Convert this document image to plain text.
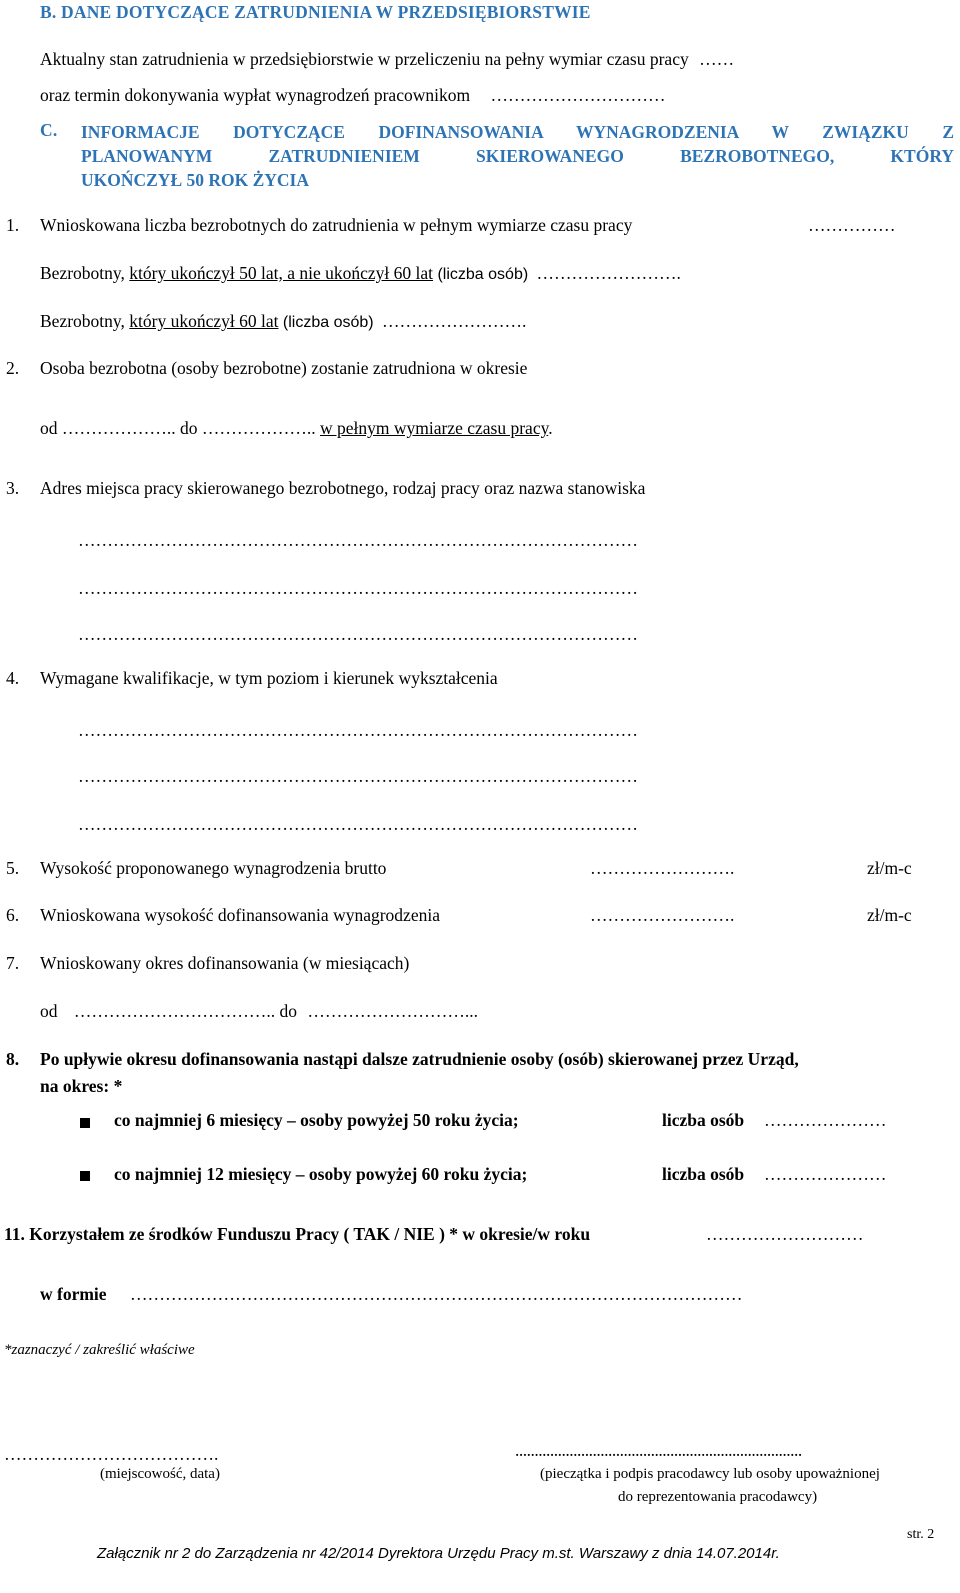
B. DANE DOTYCZĄCE ZATRUDNIENIA W PRZEDSIĘBIORSTWIE
Aktualny stan zatrudnienia w przedsiębiorstwie w przeliczeniu na pełny wymiar czasu pracy ……
oraz termin dokonywania wypłat wynagrodzeń pracownikom …………………………
C. INFORMACJE DOTYCZĄCE DOFINANSOWANIA WYNAGRODZENIA W ZWIĄZKU Z
PLANOWANYM ZATRUDNIENIEM SKIEROWANEGO BEZROBOTNEGO, KTÓRY
UKOŃCZYŁ 50 ROK ŻYCIA
1. Wnioskowana liczba bezrobotnych do zatrudnienia w pełnym wymiarze czasu pracy	……………
Bezrobotny, który ukończył 50 lat, a nie ukończył 60 lat (liczba osób) …………………….
Bezrobotny, który ukończył 60 lat (liczba osób) …………………….
2. Osoba bezrobotna (osoby bezrobotne) zostanie zatrudniona w okresie
od ……………….. do ……………….. w pełnym wymiarze czasu pracy.
3. Adres miejsca pracy skierowanego bezrobotnego, rodzaj pracy oraz nazwa stanowiska
……………………………………………………………………………………
……………………………………………………………………………………
……………………………………………………………………………………
4. Wymagane kwalifikacje, w tym poziom i kierunek wykształcenia
……………………………………………………………………………………
……………………………………………………………………………………
……………………………………………………………………………………
5. Wysokość proponowanego wynagrodzenia brutto	…………………….	zł/m-c
6. Wnioskowana wysokość dofinansowania wynagrodzenia	…………………….	zł/m-c
7. Wnioskowany okres dofinansowania (w miesiącach)
od …………………………….. do ………………………...
8. Po upływie okresu dofinansowania nastąpi dalsze zatrudnienie osoby (osób) skierowanej przez Urząd,
na okres: *
co najmniej 6 miesięcy – osoby powyżej 50 roku życia;	liczba osób …………………
co najmniej 12 miesięcy – osoby powyżej 60 roku życia;	liczba osób …………………
11. Korzystałem ze środków Funduszu Pracy ( TAK / NIE ) * w okresie/w roku	………………………
w formie ……………………………………………………………………………………………
*zaznaczyć / zakreślić właściwe
……………………………….
(miejscowość, data)
..........................................................................
(pieczątka i podpis pracodawcy lub osoby upoważnionej
do reprezentowania pracodawcy)
str. 2
Załącznik nr 2 do Zarządzenia nr 42/2014 Dyrektora Urzędu Pracy m.st. Warszawy z dnia 14.07.2014r.
